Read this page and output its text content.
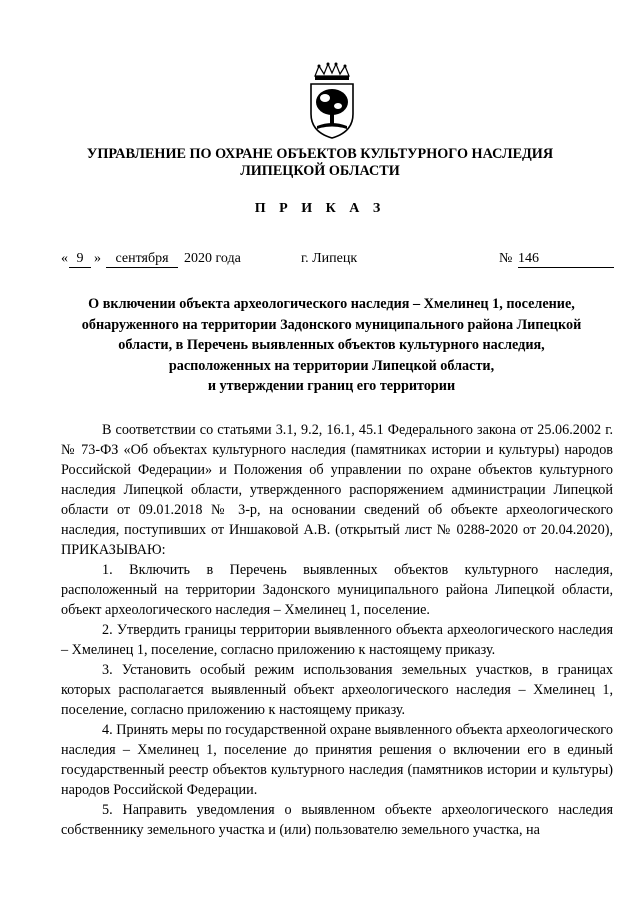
УПРАВЛЕНИЕ ПО ОХРАНЕ ОБЪЕКТОВ КУЛЬТУРНОГО НАСЛЕДИЯ
ЛИПЕЦКОЙ ОБЛАСТИ
П Р И К А З
« 9 »	сентября	2020 года	г. Липецк	№ 146
О включении объекта археологического наследия – Хмелинец 1, поселение,
обнаруженного на территории Задонского муниципального района Липецкой
области, в Перечень выявленных объектов культурного наследия,
расположенных на территории Липецкой области,
и утверждении границ его территории

В соответствии со статьями 3.1, 9.2, 16.1, 45.1 Федерального закона от 25.06.2002 г. № 73-ФЗ «Об объектах культурного наследия (памятниках истории и культуры) народов Российской Федерации» и Положения об управлении по охране объектов культурного наследия Липецкой области, утвержденного распоряжением администрации Липецкой области от 09.01.2018 № 3-р, на основании сведений об объекте археологического наследия, поступивших от Иншаковой А.В. (открытый лист № 0288-2020 от 20.04.2020), ПРИКАЗЫВАЮ:

1. Включить в Перечень выявленных объектов культурного наследия, расположенный на территории Задонского муниципального района Липецкой области, объект археологического наследия – Хмелинец 1, поселение.

2. Утвердить границы территории выявленного объекта археологического наследия – Хмелинец 1, поселение, согласно приложению к настоящему приказу.

3. Установить особый режим использования земельных участков, в границах которых располагается выявленный объект археологического наследия – Хмелинец 1, поселение, согласно приложению к настоящему приказу.

4. Принять меры по государственной охране выявленного объекта археологического наследия – Хмелинец 1, поселение до принятия решения о включении его в единый государственный реестр объектов культурного наследия (памятников истории и культуры) народов Российской Федерации.

5. Направить уведомления о выявленном объекте археологического наследия собственнику земельного участка и (или) пользователю земельного участка, на
